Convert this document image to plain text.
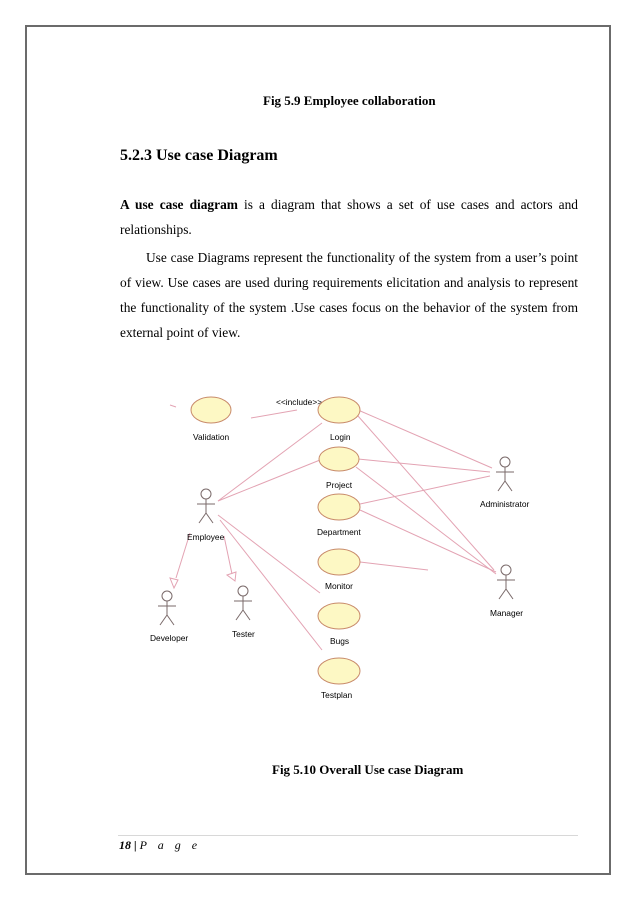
Fig 5.9 Employee collaboration
5.2.3 Use case Diagram
A use case diagram is a diagram that shows a set of use cases and actors and relationships.
Use case Diagrams represent the functionality of the system from a user’s point of view. Use cases are used during requirements elicitation and analysis to represent the functionality of the system .Use cases focus on the behavior of the system from external point of view.
<<include>>
Validation	Login
Project
Department
Monitor
Bugs
Testplan
Administrator
Employee
Manager
Developer	Tester
Fig 5.10 Overall Use case Diagram
18 | P a g e
